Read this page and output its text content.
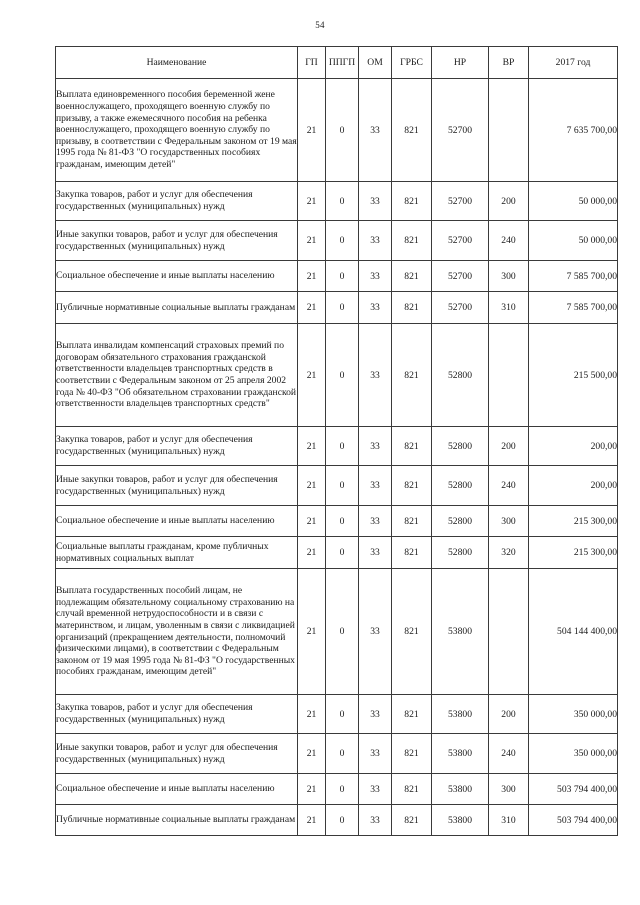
54
Наименование	ГП	ППГП	ОМ	ГРБС	НР	ВР	2017 год
Выплата единовременного пособия беременной жене военнослужащего, проходящего военную службу по призыву, а также ежемесячного пособия на ребенка военнослужащего, проходящего военную службу по призыву, в соответствии с Федеральным законом от 19 мая 1995 года № 81-ФЗ "О государственных пособиях гражданам, имеющим детей"	21	0	33	821	52700		7 635 700,00
Закупка товаров, работ и услуг для обеспечения государственных (муниципальных) нужд	21	0	33	821	52700	200	50 000,00
Иные закупки товаров, работ и услуг для обеспечения государственных (муниципальных) нужд	21	0	33	821	52700	240	50 000,00
Социальное обеспечение и иные выплаты населению	21	0	33	821	52700	300	7 585 700,00
Публичные нормативные социальные выплаты гражданам	21	0	33	821	52700	310	7 585 700,00
Выплата инвалидам компенсаций страховых премий по договорам обязательного страхования гражданской ответственности владельцев транспортных средств в соответствии с Федеральным законом от 25 апреля 2002 года № 40-ФЗ "Об обязательном страховании гражданской ответственности владельцев транспортных средств"	21	0	33	821	52800		215 500,00
Закупка товаров, работ и услуг для обеспечения государственных (муниципальных) нужд	21	0	33	821	52800	200	200,00
Иные закупки товаров, работ и услуг для обеспечения государственных (муниципальных) нужд	21	0	33	821	52800	240	200,00
Социальное обеспечение и иные выплаты населению	21	0	33	821	52800	300	215 300,00
Социальные выплаты гражданам, кроме публичных нормативных социальных выплат	21	0	33	821	52800	320	215 300,00
Выплата государственных пособий лицам, не подлежащим обязательному социальному страхованию на случай временной нетрудоспособности и в связи с материнством, и лицам, уволенным в связи с ликвидацией организаций (прекращением деятельности, полномочий физическими лицами), в соответствии с Федеральным законом от 19 мая 1995 года № 81-ФЗ "О государственных пособиях гражданам, имеющим детей"	21	0	33	821	53800		504 144 400,00
Закупка товаров, работ и услуг для обеспечения государственных (муниципальных) нужд	21	0	33	821	53800	200	350 000,00
Иные закупки товаров, работ и услуг для обеспечения государственных (муниципальных) нужд	21	0	33	821	53800	240	350 000,00
Социальное обеспечение и иные выплаты населению	21	0	33	821	53800	300	503 794 400,00
Публичные нормативные социальные выплаты гражданам	21	0	33	821	53800	310	503 794 400,00
